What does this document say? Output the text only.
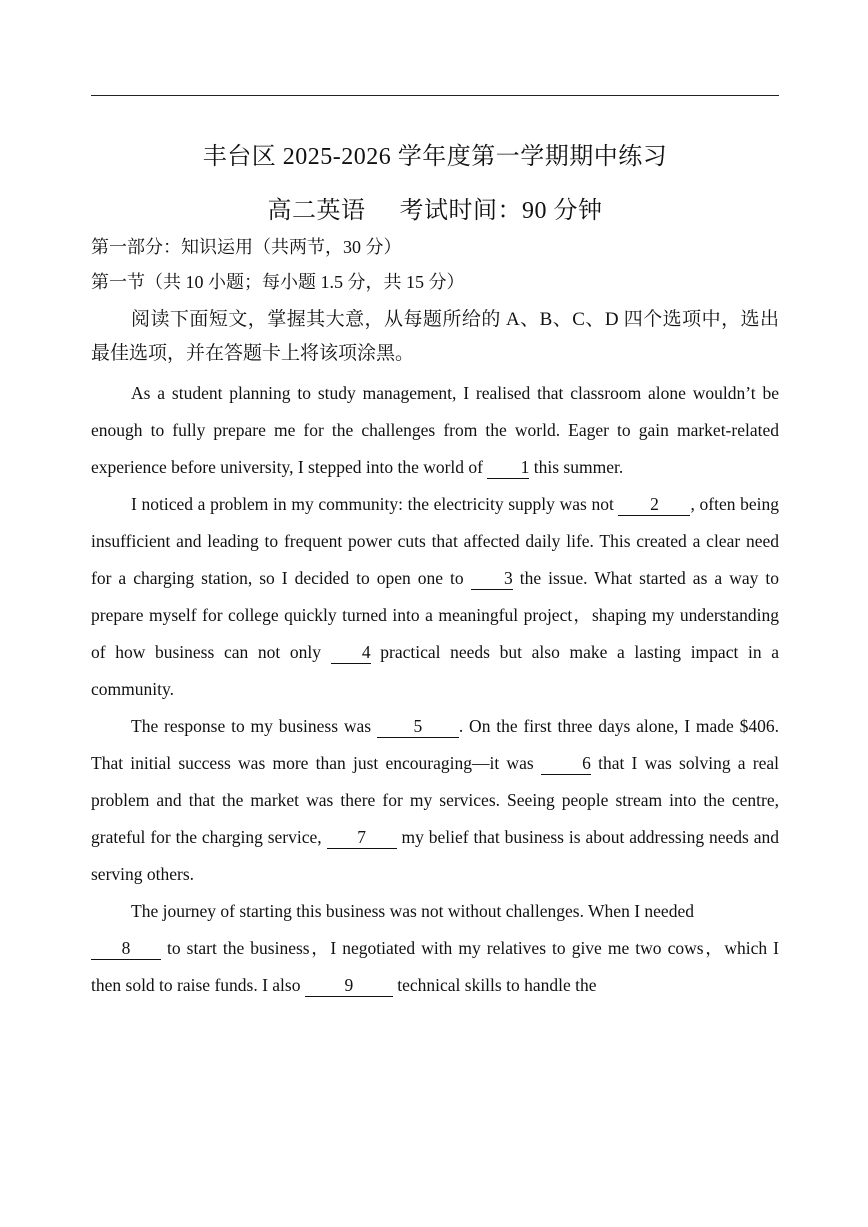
丰台区 2025-2026 学年度第一学期期中练习
高二英语 考试时间：90 分钟
第一部分：知识运用（共两节，30 分）
第一节（共 10 小题；每小题 1.5 分，共 15 分）

阅读下面短文，掌握其大意，从每题所给的 A、B、C、D 四个选项中，选出最佳选项，并在答题卡上将该项涂黑。

As a student planning to study management, I realised that classroom alone wouldn’t be enough to fully prepare me for the challenges from the world. Eager to gain market-related experience before university, I stepped into the world of 1 this summer.

I noticed a problem in my community: the electricity supply was not 2 , often being insufficient and leading to frequent power cuts that affected daily life. This created a clear need for a charging station, so I decided to open one to 3 the issue. What started as a way to prepare myself for college quickly turned into a meaningful project，shaping my understanding of how business can not only 4 practical needs but also make a lasting impact in a community.

The response to my business was 5 . On the first three days alone, I made $406. That initial success was more than just encouraging—it was 6 that I was solving a real problem and that the market was there for my services. Seeing people stream into the centre, grateful for the charging service, 7 my belief that business is about addressing needs and serving others.

The journey of starting this business was not without challenges. When I needed

8 to start the business，I negotiated with my relatives to give me two cows，which I then sold to raise funds. I also 9 technical skills to handle the
